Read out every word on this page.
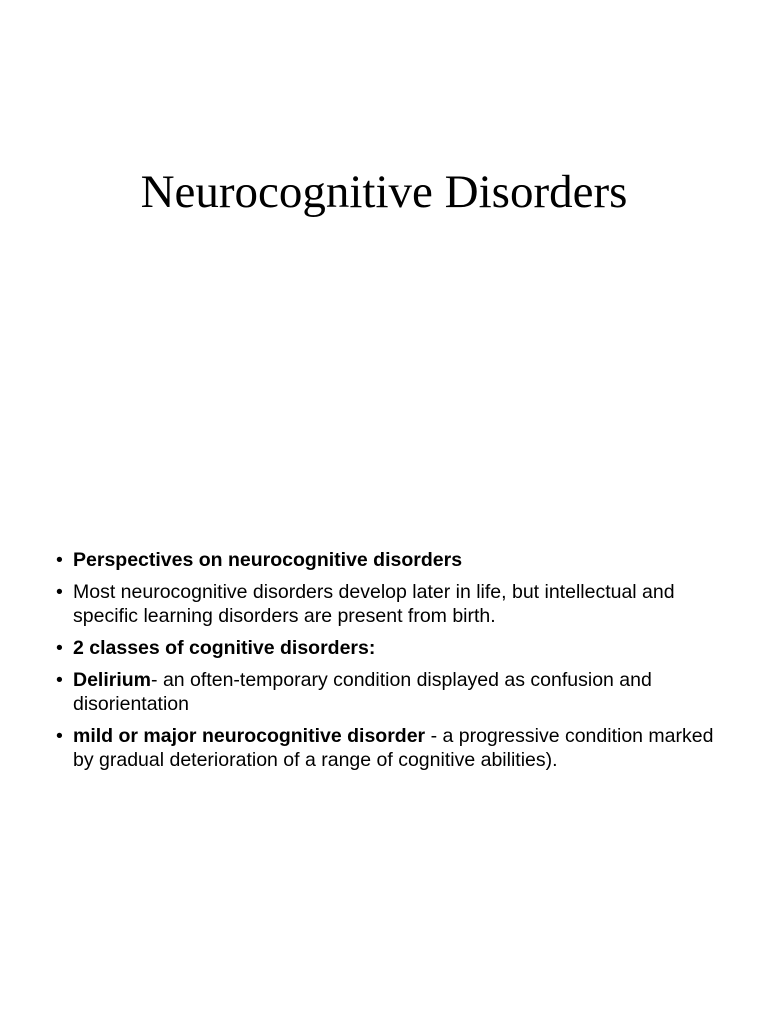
Neurocognitive Disorders
• Perspectives on neurocognitive disorders
• Most neurocognitive disorders develop later in life, but intellectual and specific learning disorders are present from birth.
• 2 classes of cognitive disorders:
• Delirium- an often-temporary condition displayed as confusion and disorientation
• mild or major neurocognitive disorder - a progressive condition marked by gradual deterioration of a range of cognitive abilities).
